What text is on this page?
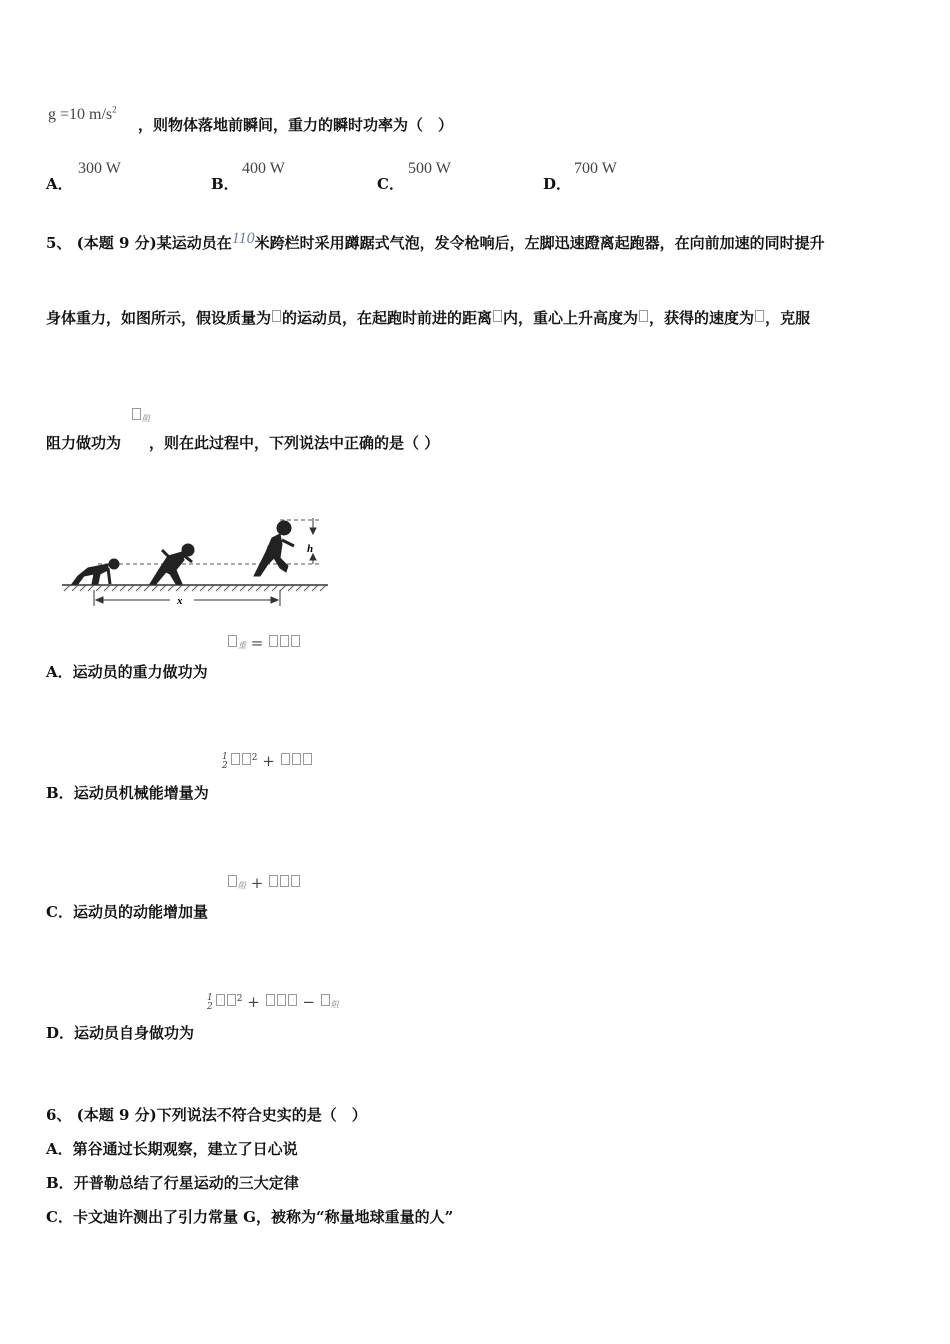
g =10 $m/s^2$
，则物体落地前瞬间，重力的瞬时功率为（　）
A．
300 W
B．
400 W
C．
500 W
D．
700 W
5、 (本题 9 分)某运动员在110米跨栏时采用蹲踞式气泡，发令枪响后，左脚迅速蹬离起跑器，在向前加速的同时提升
身体重力，如图所示，假设质量为 的运动员，在起跑时前进的距离 内，重心上升高度为 ，获得的速度为 ，克服
阻
阻力做功为 ，则在此过程中，下列说法中正确的是（ ）
h
x
重 =
A．运动员的重力做功为
1
2
$^2$ +
B．运动员机械能增量为
阻 +
C．运动员的动能增加量
1
2
$^2$ +	− 阻
D．运动员自身做功为
6、 (本题 9 分)下列说法不符合史实的是（　）
A．第谷通过长期观察，建立了日心说
B．开普勒总结了行星运动的三大定律
C．卡文迪许测出了引力常量 G，被称为“称量地球重量的人”
